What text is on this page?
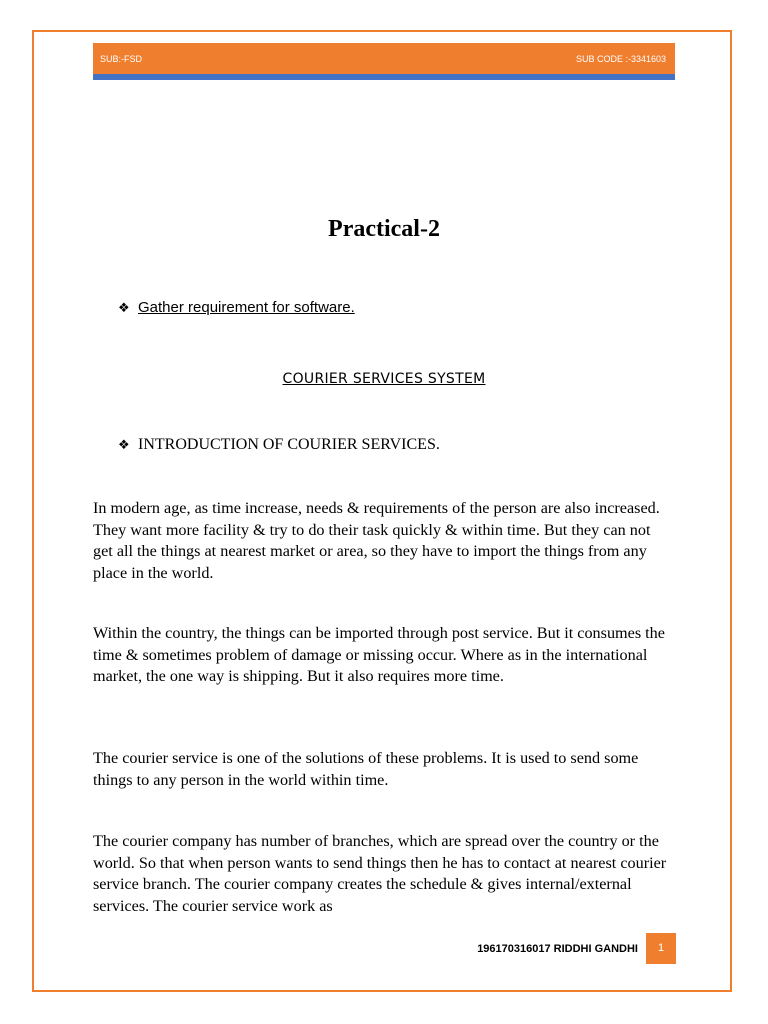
SUB:-FSD	SUB CODE :-3341603
Practical-2
❖ Gather requirement for software.
COURIER SERVICES SYSTEM
❖ INTRODUCTION OF COURIER SERVICES.

In modern age, as time increase, needs & requirements of the person are also increased. They want more facility & try to do their task quickly & within time. But they can not get all the things at nearest market or area, so they have to import the things from any place in the world.

Within the country, the things can be imported through post service. But it consumes the time & sometimes problem of damage or missing occur. Where as in the international market, the one way is shipping. But it also requires more time.

The courier service is one of the solutions of these problems. It is used to send some things to any person in the world within time.

The courier company has number of branches, which are spread over the country or the world. So that when person wants to send things then he has to contact at nearest courier service branch. The courier company creates the schedule & gives internal/external services. The courier service work as

196170316017 RIDDHI GANDHI	1
